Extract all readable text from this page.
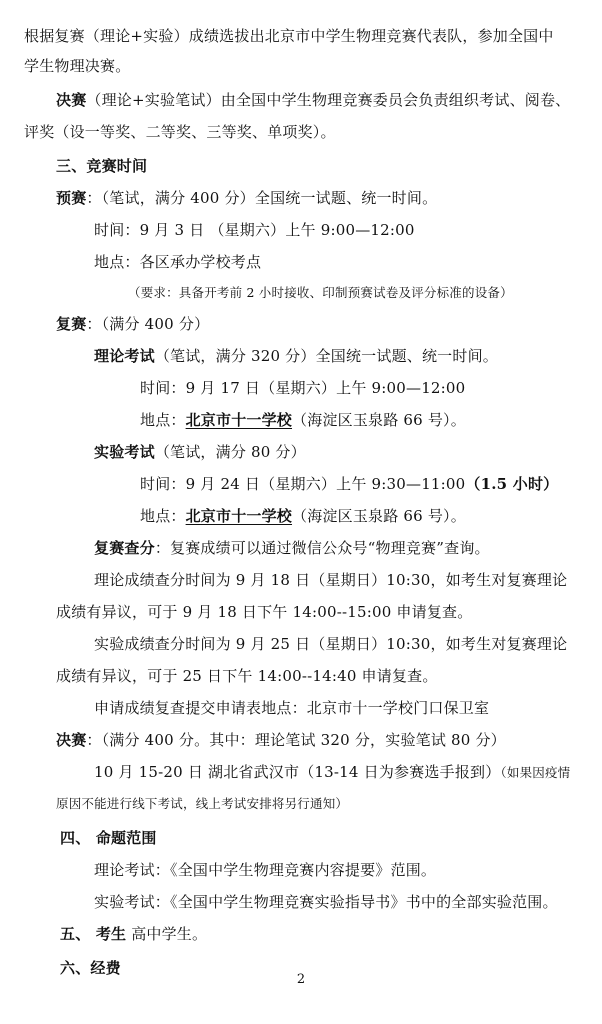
根据复赛（理论+实验）成绩选拔出北京市中学生物理竞赛代表队，参加全国中
学生物理决赛。
决赛（理论+实验笔试）由全国中学生物理竞赛委员会负责组织考试、阅卷、
评奖（设一等奖、二等奖、三等奖、单项奖）。
三、竞赛时间
预赛：（笔试，满分 400 分）全国统一试题、统一时间。
时间：9 月 3 日 （星期六）上午 9:00—12:00
地点：各区承办学校考点
（要求：具备开考前 2 小时接收、印制预赛试卷及评分标准的设备）
复赛：（满分 400 分）
理论考试（笔试，满分 320 分）全国统一试题、统一时间。
时间：9 月 17 日（星期六）上午 9:00—12:00
地点：北京市十一学校（海淀区玉泉路 66 号）。
实验考试（笔试，满分 80 分）
时间：9 月 24 日（星期六）上午 9:30—11:00（1.5 小时）
地点：北京市十一学校（海淀区玉泉路 66 号）。
复赛查分：复赛成绩可以通过微信公众号“物理竞赛”查询。
理论成绩查分时间为 9 月 18 日（星期日）10:30，如考生对复赛理论
成绩有异议，可于 9 月 18 日下午 14:00--15:00 申请复查。
实验成绩查分时间为 9 月 25 日（星期日）10:30，如考生对复赛理论
成绩有异议，可于 25 日下午 14:00--14:40 申请复查。
申请成绩复查提交申请表地点：北京市十一学校门口保卫室
决赛：（满分 400 分。其中：理论笔试 320 分，实验笔试 80 分）
10 月 15-20 日 湖北省武汉市（13-14 日为参赛选手报到）（如果因疫情
原因不能进行线下考试，线上考试安排将另行通知）
四、 命题范围
理论考试：《全国中学生物理竞赛内容提要》范围。
实验考试：《全国中学生物理竞赛实验指导书》书中的全部实验范围。
五、 考生 高中学生。
六、经费
2
